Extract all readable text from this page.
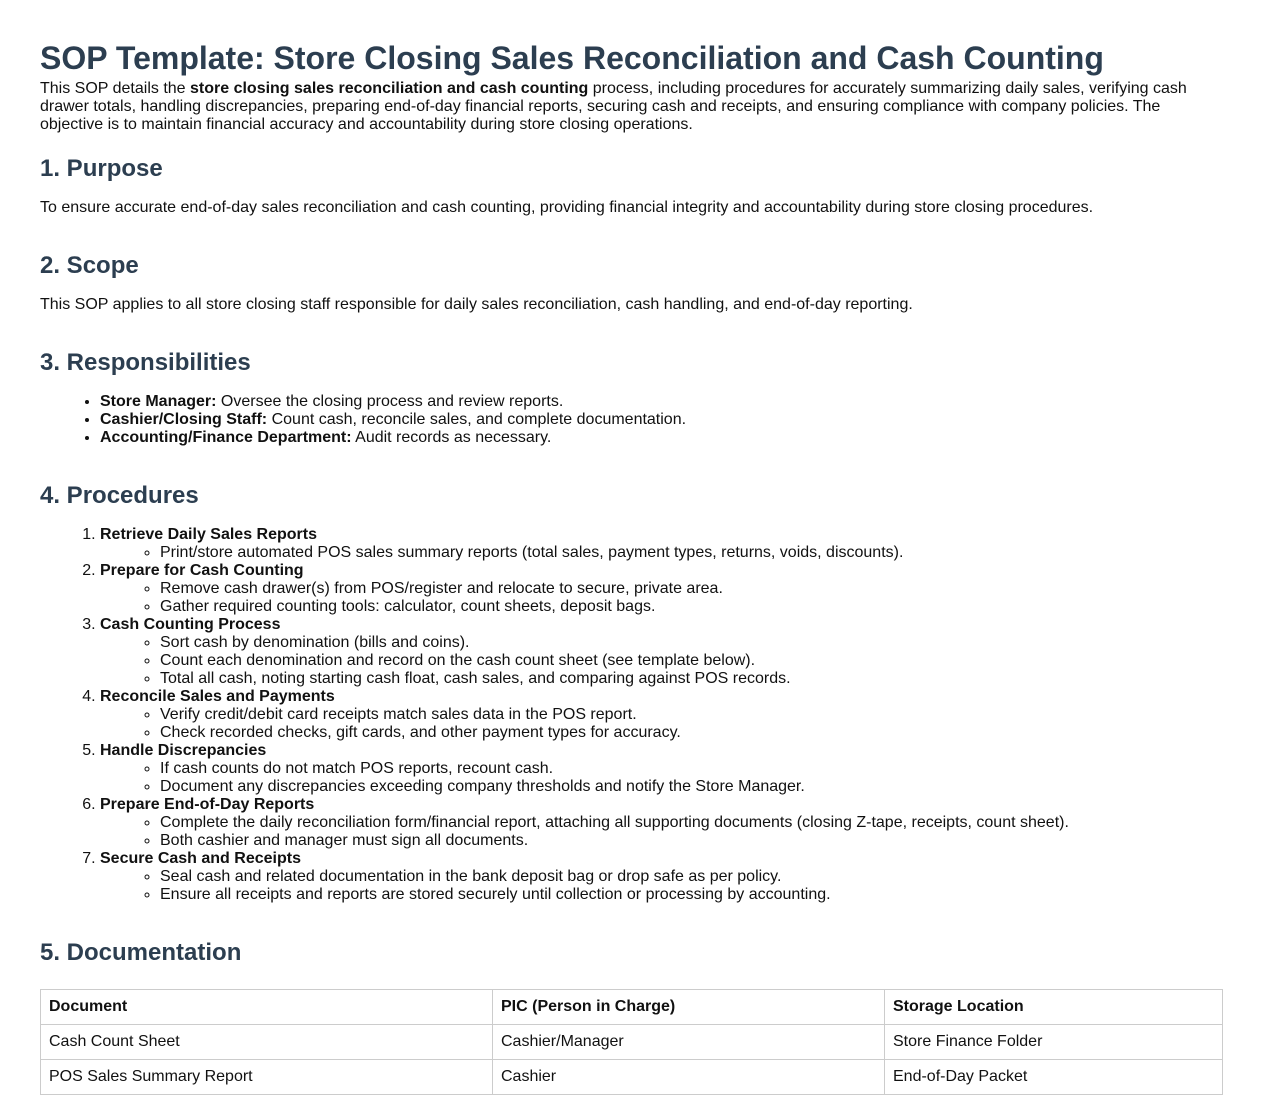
SOP Template: Store Closing Sales Reconciliation and Cash Counting

This SOP details the store closing sales reconciliation and cash counting process, including procedures for accurately summarizing daily sales, verifying cash drawer totals, handling discrepancies, preparing end-of-day financial reports, securing cash and receipts, and ensuring compliance with company policies. The objective is to maintain financial accuracy and accountability during store closing operations.

1. Purpose

To ensure accurate end-of-day sales reconciliation and cash counting, providing financial integrity and accountability during store closing procedures.

2. Scope

This SOP applies to all store closing staff responsible for daily sales reconciliation, cash handling, and end-of-day reporting.

3. Responsibilities
• Store Manager: Oversee the closing process and review reports.
• Cashier/Closing Staff: Count cash, reconcile sales, and complete documentation.
• Accounting/Finance Department: Audit records as necessary.
4. Procedures
1. Retrieve Daily Sales Reports
◦ Print/store automated POS sales summary reports (total sales, payment types, returns, voids, discounts).
2. Prepare for Cash Counting
◦ Remove cash drawer(s) from POS/register and relocate to secure, private area.
◦ Gather required counting tools: calculator, count sheets, deposit bags.
3. Cash Counting Process
◦ Sort cash by denomination (bills and coins).
◦ Count each denomination and record on the cash count sheet (see template below).
◦ Total all cash, noting starting cash float, cash sales, and comparing against POS records.
4. Reconcile Sales and Payments
◦ Verify credit/debit card receipts match sales data in the POS report.
◦ Check recorded checks, gift cards, and other payment types for accuracy.
5. Handle Discrepancies
◦ If cash counts do not match POS reports, recount cash.
◦ Document any discrepancies exceeding company thresholds and notify the Store Manager.
6. Prepare End-of-Day Reports
◦ Complete the daily reconciliation form/financial report, attaching all supporting documents (closing Z-tape, receipts, count sheet).
◦ Both cashier and manager must sign all documents.
7. Secure Cash and Receipts
◦ Seal cash and related documentation in the bank deposit bag or drop safe as per policy.
◦ Ensure all receipts and reports are stored securely until collection or processing by accounting.
5. Documentation
Document	PIC (Person in Charge)	Storage Location
Cash Count Sheet	Cashier/Manager	Store Finance Folder
POS Sales Summary Report	Cashier	End-of-Day Packet
